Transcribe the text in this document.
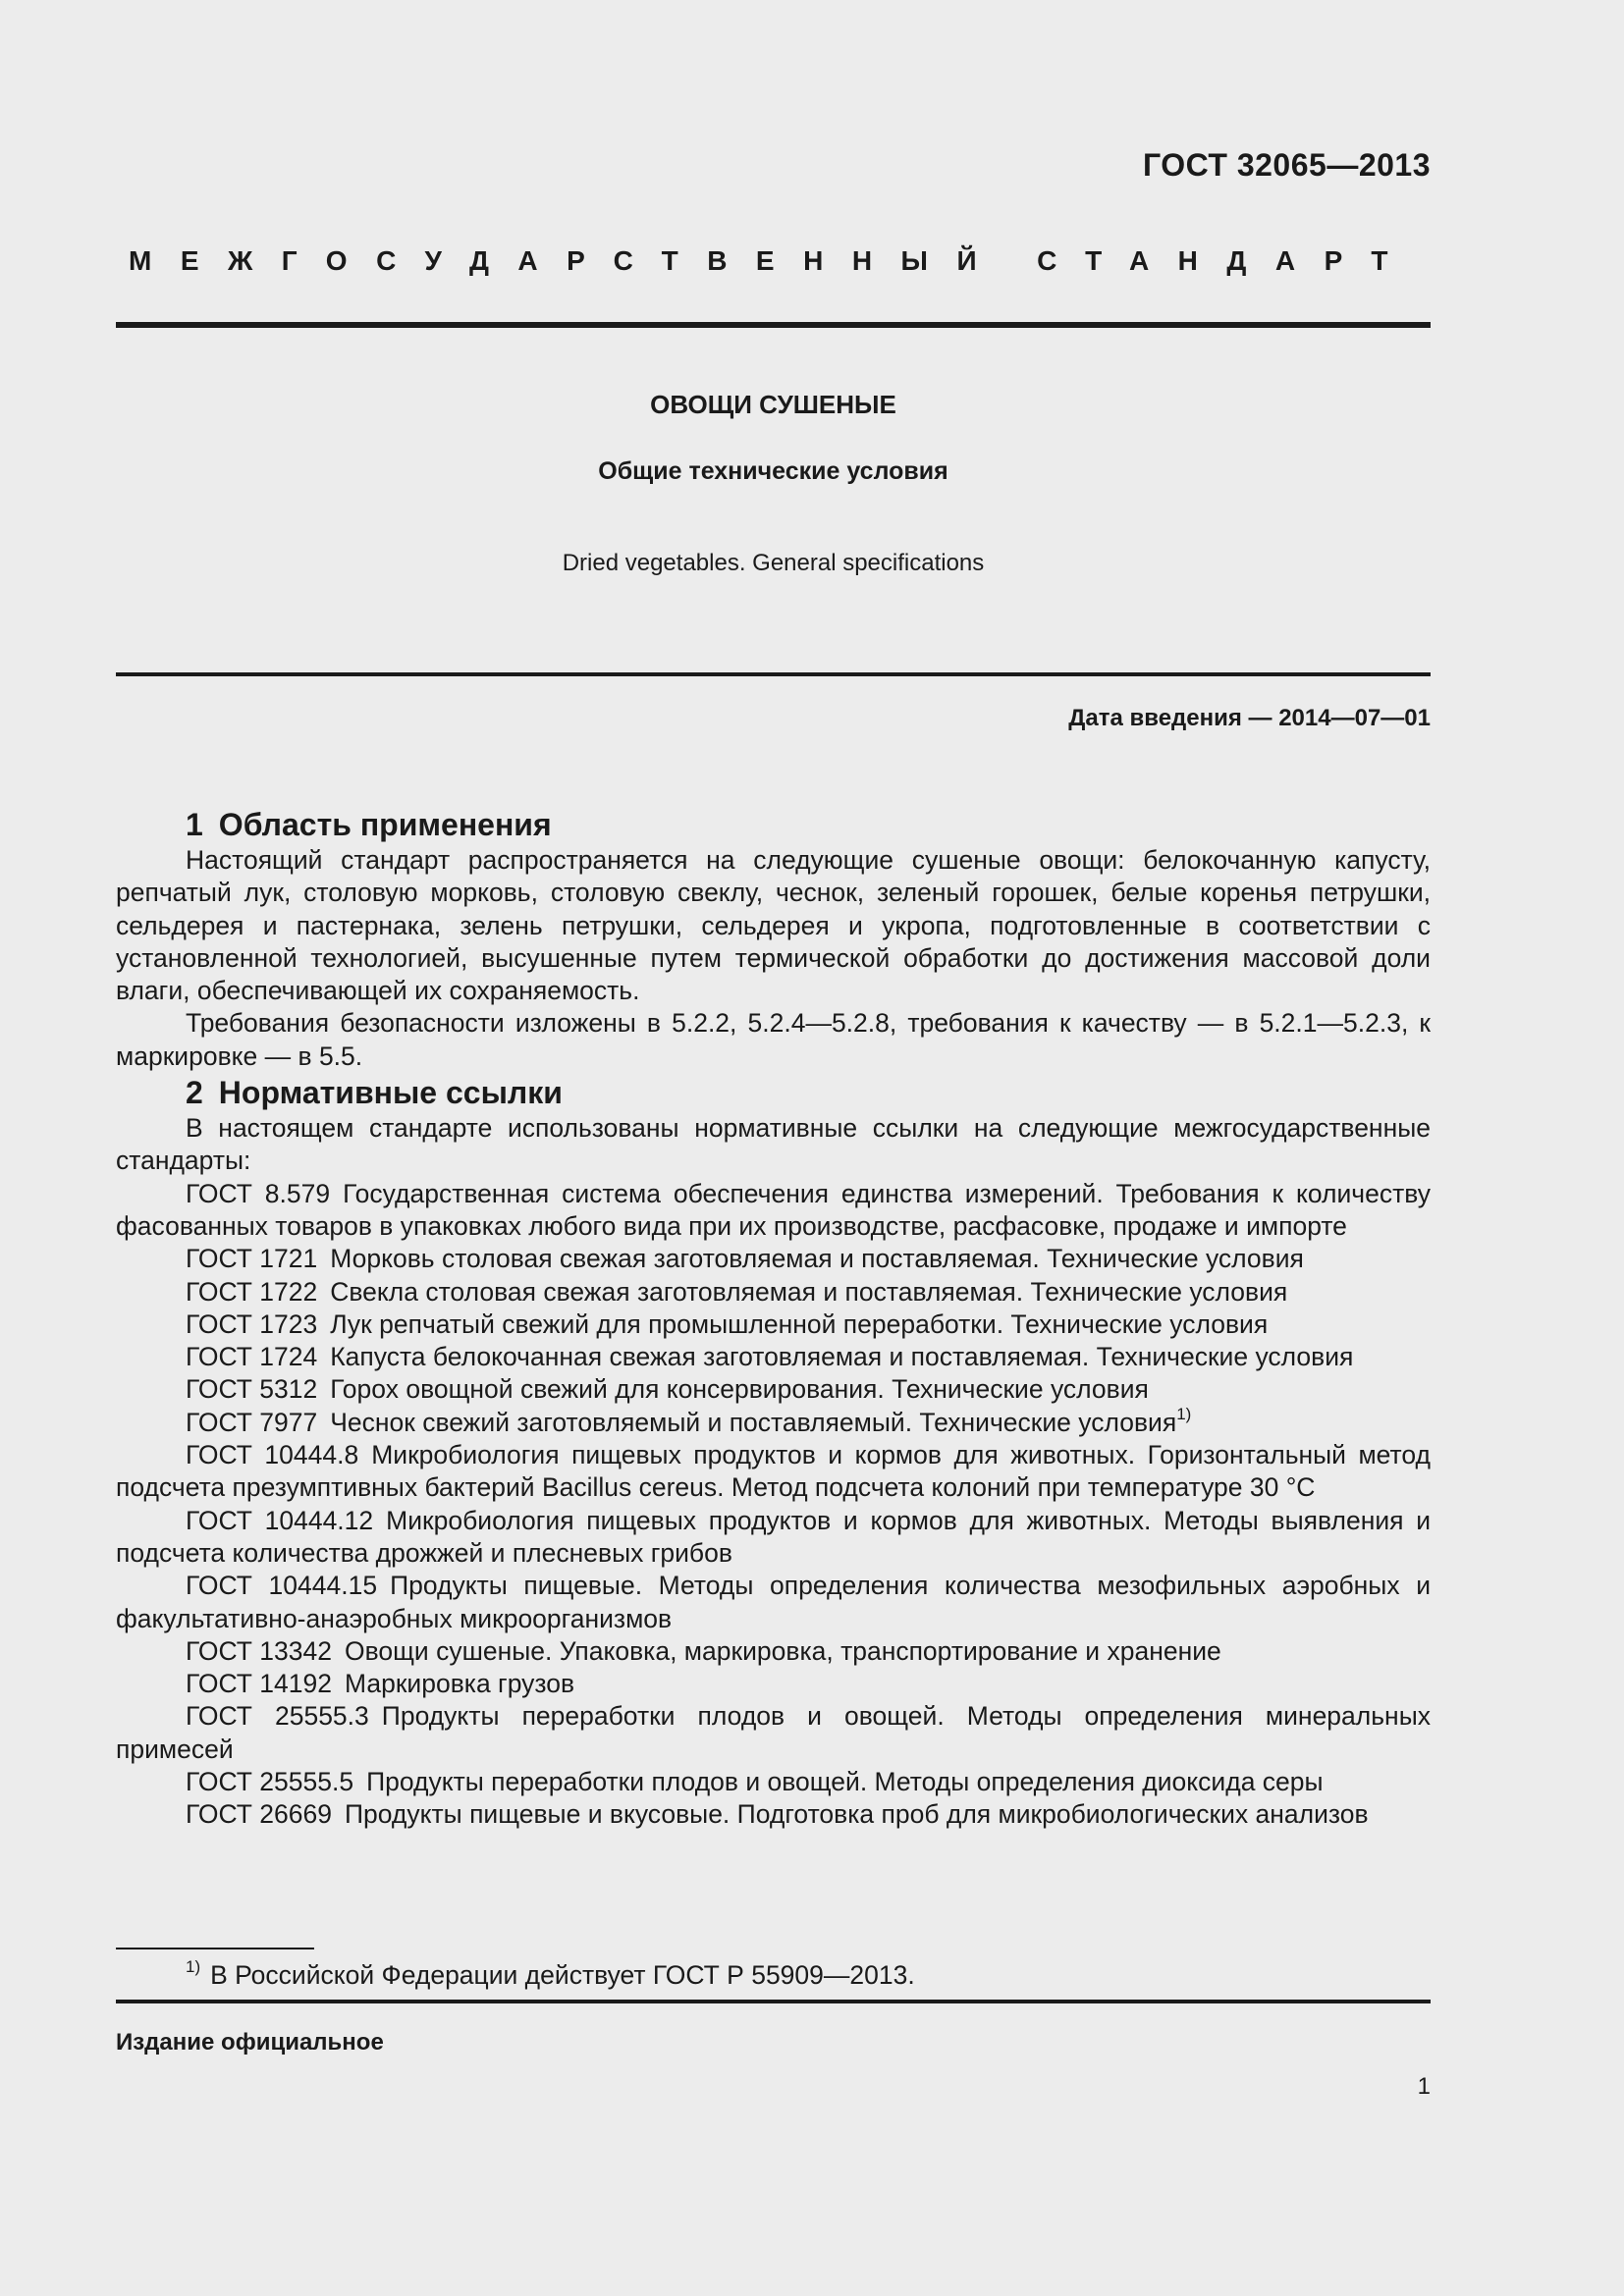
ГОСТ 32065—2013
МЕЖГОСУДАРСТВЕННЫЙ СТАНДАРТ
ОВОЩИ СУШЕНЫЕ
Общие технические условия
Dried vegetables. General specifications
Дата введения — 2014—07—01
1 Область применения

Настоящий стандарт распространяется на следующие сушеные овощи: белокочанную капусту, репчатый лук, столовую морковь, столовую свеклу, чеснок, зеленый горошек, белые коренья петрушки, сельдерея и пастернака, зелень петрушки, сельдерея и укропа, подготовленные в соответствии с установленной технологией, высушенные путем термической обработки до достижения массовой доли влаги, обеспечивающей их сохраняемость.

Требования безопасности изложены в 5.2.2, 5.2.4—5.2.8, требования к качеству — в 5.2.1—5.2.3, к маркировке — в 5.5.

2 Нормативные ссылки

В настоящем стандарте использованы нормативные ссылки на следующие межгосударственные стандарты:

ГОСТ 8.579 Государственная система обеспечения единства измерений. Требования к количеству фасованных товаров в упаковках любого вида при их производстве, расфасовке, продаже и импорте

ГОСТ 1721 Морковь столовая свежая заготовляемая и поставляемая. Технические условия

ГОСТ 1722 Свекла столовая свежая заготовляемая и поставляемая. Технические условия

ГОСТ 1723 Лук репчатый свежий для промышленной переработки. Технические условия

ГОСТ 1724 Капуста белокочанная свежая заготовляемая и поставляемая. Технические условия

ГОСТ 5312 Горох овощной свежий для консервирования. Технические условия

ГОСТ 7977 Чеснок свежий заготовляемый и поставляемый. Технические условия$^{1)}$

ГОСТ 10444.8 Микробиология пищевых продуктов и кормов для животных. Горизонтальный метод подсчета презумптивных бактерий Bacillus cereus. Метод подсчета колоний при температуре 30 °С

ГОСТ 10444.12 Микробиология пищевых продуктов и кормов для животных. Методы выявления и подсчета количества дрожжей и плесневых грибов

ГОСТ 10444.15 Продукты пищевые. Методы определения количества мезофильных аэробных и факультативно-анаэробных микроорганизмов

ГОСТ 13342 Овощи сушеные. Упаковка, маркировка, транспортирование и хранение

ГОСТ 14192 Маркировка грузов

ГОСТ 25555.3 Продукты переработки плодов и овощей. Методы определения минеральных примесей

ГОСТ 25555.5 Продукты переработки плодов и овощей. Методы определения диоксида серы

ГОСТ 26669 Продукты пищевые и вкусовые. Подготовка проб для микробиологических анализов

$^{1)}$ В Российской Федерации действует ГОСТ Р 55909—2013.
Издание официальное
1
